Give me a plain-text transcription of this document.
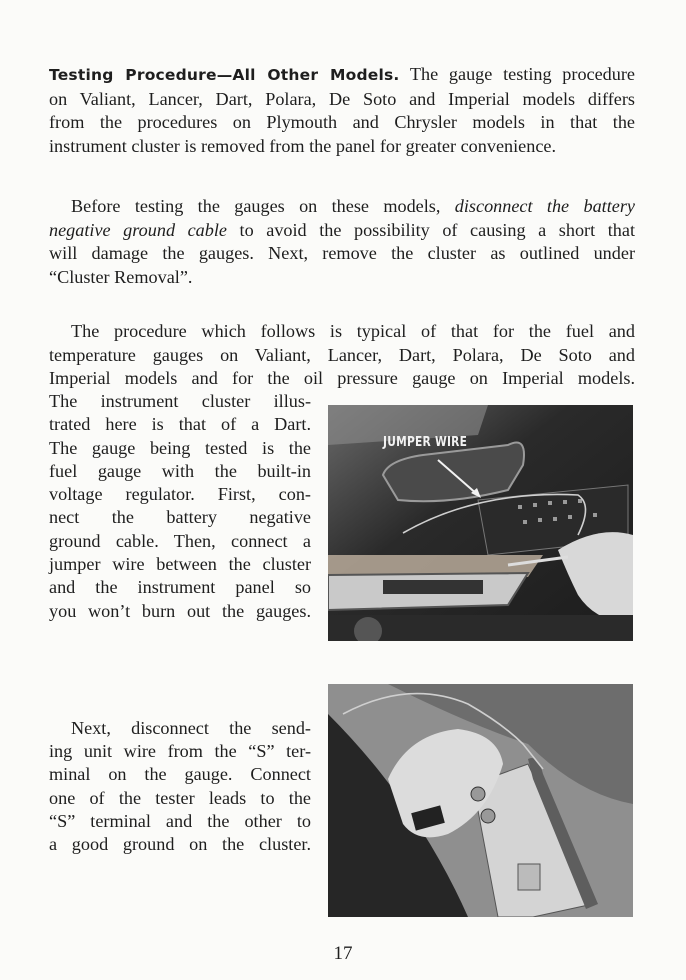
Testing Procedure—All Other Models. The gauge testing procedure
on Valiant, Lancer, Dart, Polara, De Soto and Imperial models differs
from the procedures on Plymouth and Chrysler models in that the
instrument cluster is removed from the panel for greater convenience.
Before testing the gauges on these models, disconnect the battery
negative ground cable to avoid the possibility of causing a short that
will damage the gauges. Next, remove the cluster as outlined under
“Cluster Removal”.
The procedure which follows is typical of that for the fuel and
temperature gauges on Valiant, Lancer, Dart, Polara, De Soto and
Imperial models and for the oil pressure gauge on Imperial models.
The instrument cluster illus-
trated here is that of a Dart.
The gauge being tested is the
fuel gauge with the built-in
voltage regulator. First, con-
nect the battery negative
ground cable. Then, connect a
jumper wire between the cluster
and the instrument panel so
you won’t burn out the gauges.
JUMPER WIRE
Next, disconnect the send-
ing unit wire from the “S” ter-
minal on the gauge. Connect
one of the tester leads to the
“S” terminal and the other to
a good ground on the cluster.
17
